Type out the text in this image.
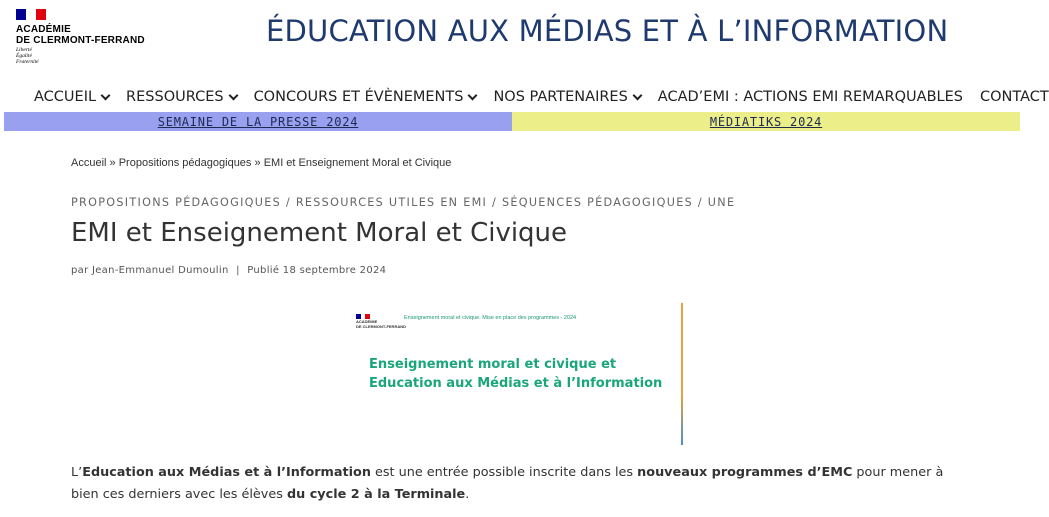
ACADÉMIE
DE CLERMONT-FERRAND
Liberté
Égalité
Fraternité
ÉDUCATION AUX MÉDIAS ET À L’INFORMATION
ACCUEIL RESSOURCES CONCOURS ET ÉVÈNEMENTS NOS PARTENAIRES ACAD’EMI : ACTIONS EMI REMARQUABLES CONTACT
SEMAINE DE LA PRESSE 2024	MÉDIATIKS 2024
Accueil » Propositions pédagogiques » EMI et Enseignement Moral et Civique
PROPOSITIONS PÉDAGOGIQUES / RESSOURCES UTILES EN EMI / SÉQUENCES PÉDAGOGIQUES / UNE
EMI et Enseignement Moral et Civique
par Jean-Emmanuel Dumoulin | Publié 18 septembre 2024
ACADÉMIE
DE CLERMONT-FERRAND
Enseignement moral et civique. Mise en place des programmes - 2024
Enseignement moral et civique et
Education aux Médias et à l’Information

L’Education aux Médias et à l’Information est une entrée possible inscrite dans les nouveaux programmes d’EMC pour mener à bien ces derniers avec les élèves du cycle 2 à la Terminale.
